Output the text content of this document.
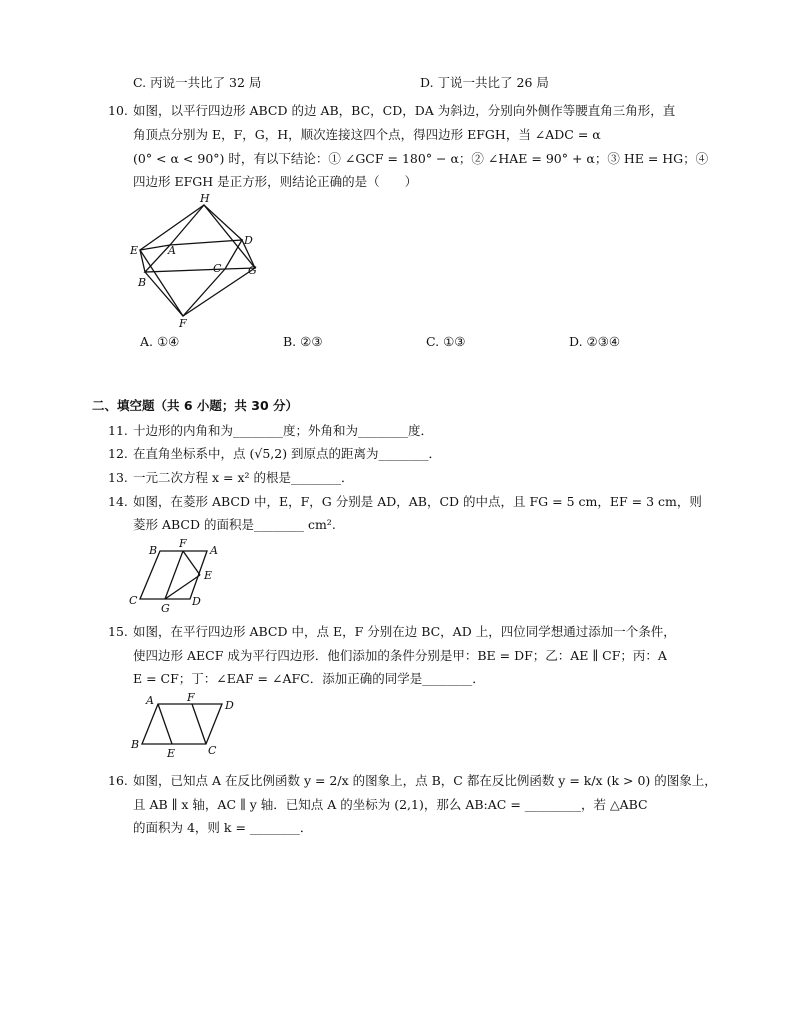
C. 丙说一共比了 32 局	D. 丁说一共比了 26 局
10. 如图，以平行四边形 ABCD 的边 AB，BC，CD，DA 为斜边，分别向外侧作等腰直角三角形，直
角顶点分别为 E，F，G，H，顺次连接这四个点，得四边形 EFGH，当 ∠ADC = α
(0° < α < 90°) 时，有以下结论：① ∠GCF = 180° − α；② ∠HAE = 90° + α；③ HE = HG；④
四边形 EFGH 是正方形，则结论正确的是（　　）
H
E	A
D
C G
B
F
A. ①④	B. ②③	C. ①③	D. ②③④
二、填空题（共 6 小题；共 30 分）
11. 十边形的内角和为________度；外角和为________度．
12. 在直角坐标系中，点 (√5,2) 到原点的距离为________．
13. 一元二次方程 x = x² 的根是________．
14. 如图，在菱形 ABCD 中，E，F，G 分别是 AD，AB，CD 的中点，且 FG = 5 cm，EF = 3 cm，则
菱形 ABCD 的面积是________ cm².
B
F
A
E
C
G
D
15. 如图，在平行四边形 ABCD 中，点 E，F 分别在边 BC，AD 上，四位同学想通过添加一个条件，
使四边形 AECF 成为平行四边形．他们添加的条件分别是甲：BE = DF；乙：AE ∥ CF；丙：A
E = CF；丁：∠EAF = ∠AFC．添加正确的同学是________．
A	F
D
B
E	C
16. 如图，已知点 A 在反比例函数 y = 2/x 的图象上，点 B，C 都在反比例函数 y = k/x (k > 0) 的图象上，
且 AB ∥ x 轴，AC ∥ y 轴．已知点 A 的坐标为 (2,1)，那么 AB:AC = _________，若 △ABC
的面积为 4，则 k = ________．
